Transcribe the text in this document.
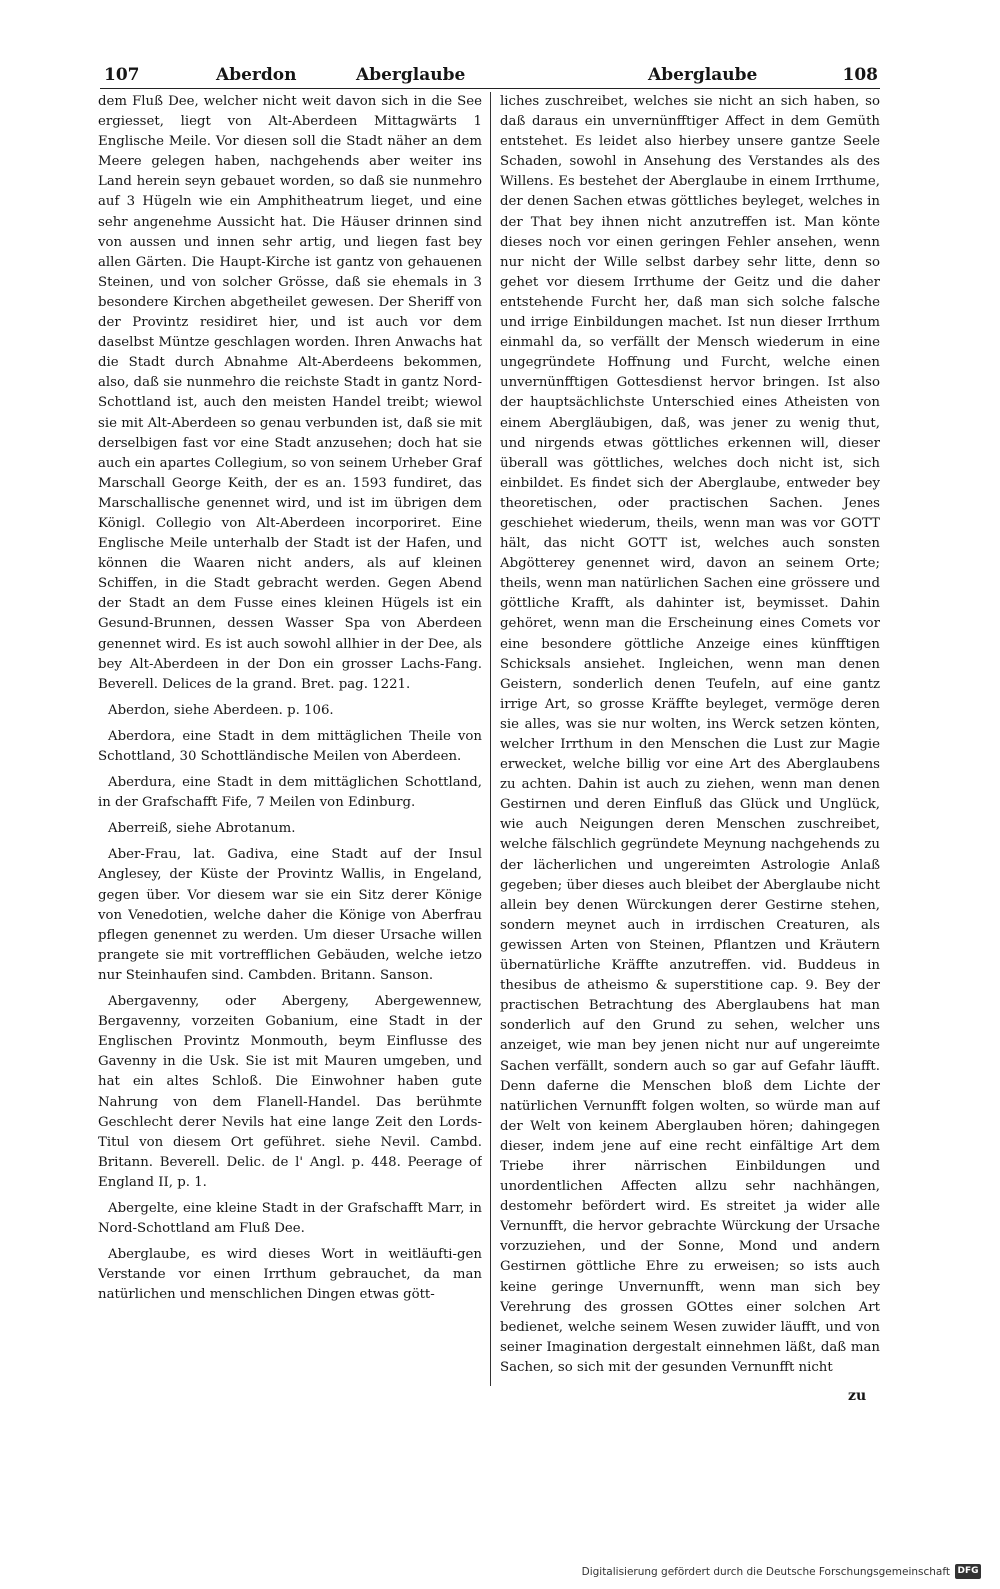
107	Aberdon	Aberglaube	Aberglaube	108

dem Fluß Dee, welcher nicht weit davon sich in die See ergiesset, liegt von Alt-Aberdeen Mittagwärts 1 Englische Meile. Vor diesen soll die Stadt näher an dem Meere gelegen haben, nachgehends aber weiter ins Land herein seyn gebauet worden, so daß sie nunmehro auf 3 Hügeln wie ein Amphitheatrum lieget, und eine sehr angenehme Aussicht hat. Die Häuser drinnen sind von aussen und innen sehr artig, und liegen fast bey allen Gärten. Die Haupt-Kirche ist gantz von gehauenen Steinen, und von solcher Grösse, daß sie ehemals in 3 besondere Kirchen abgetheilet gewesen. Der Sheriff von der Provintz residiret hier, und ist auch vor dem daselbst Müntze geschlagen worden. Ihren Anwachs hat die Stadt durch Abnahme Alt-Aberdeens bekommen, also, daß sie nunmehro die reichste Stadt in gantz Nord-Schottland ist, auch den meisten Handel treibt; wiewol sie mit Alt-Aberdeen so genau verbunden ist, daß sie mit derselbigen fast vor eine Stadt anzusehen; doch hat sie auch ein apartes Collegium, so von seinem Urheber Graf Marschall George Keith, der es an. 1593 fundiret, das Marschallische genennet wird, und ist im übrigen dem Königl. Collegio von Alt-Aberdeen incorporiret. Eine Englische Meile unterhalb der Stadt ist der Hafen, und können die Waaren nicht anders, als auf kleinen Schiffen, in die Stadt gebracht werden. Gegen Abend der Stadt an dem Fusse eines kleinen Hügels ist ein Gesund-Brunnen, dessen Wasser Spa von Aberdeen genennet wird. Es ist auch sowohl allhier in der Dee, als bey Alt-Aberdeen in der Don ein grosser Lachs-Fang. Beverell. Delices de la grand. Bret. pag. 1221.

Aberdon, siehe Aberdeen. p. 106.

Aberdora, eine Stadt in dem mittäglichen Theile von Schottland, 30 Schottländische Meilen von Aberdeen.

Aberdura, eine Stadt in dem mittäglichen Schottland, in der Grafschafft Fife, 7 Meilen von Edinburg.

Aberreiß, siehe Abrotanum.

Aber-Frau, lat. Gadiva, eine Stadt auf der Insul Anglesey, der Küste der Provintz Wallis, in Engeland, gegen über. Vor diesem war sie ein Sitz derer Könige von Venedotien, welche daher die Könige von Aberfrau pflegen genennet zu werden. Um dieser Ursache willen prangete sie mit vortrefflichen Gebäuden, welche ietzo nur Steinhaufen sind. Cambden. Britann. Sanson.

Abergavenny, oder Abergeny, Abergewennew, Bergavenny, vorzeiten Gobanium, eine Stadt in der Englischen Provintz Monmouth, beym Einflusse des Gavenny in die Usk. Sie ist mit Mauren umgeben, und hat ein altes Schloß. Die Einwohner haben gute Nahrung von dem Flanell-Handel. Das berühmte Geschlecht derer Nevils hat eine lange Zeit den Lords-Titul von diesem Ort geführet. siehe Nevil. Cambd. Britann. Beverell. Delic. de l' Angl. p. 448. Peerage of England II, p. 1.

Abergelte, eine kleine Stadt in der Grafschafft Marr, in Nord-Schottland am Fluß Dee.

Aberglaube, es wird dieses Wort in weitläufti-gen Verstande vor einen Irrthum gebrauchet, da man natürlichen und menschlichen Dingen etwas gött-

liches zuschreibet, welches sie nicht an sich haben, so daß daraus ein unvernünfftiger Affect in dem Gemüth entstehet. Es leidet also hierbey unsere gantze Seele Schaden, sowohl in Ansehung des Verstandes als des Willens. Es bestehet der Aberglaube in einem Irrthume, der denen Sachen etwas göttliches beyleget, welches in der That bey ihnen nicht anzutreffen ist. Man könte dieses noch vor einen geringen Fehler ansehen, wenn nur nicht der Wille selbst darbey sehr litte, denn so gehet vor diesem Irrthume der Geitz und die daher entstehende Furcht her, daß man sich solche falsche und irrige Einbildungen machet. Ist nun dieser Irrthum einmahl da, so verfällt der Mensch wiederum in eine ungegründete Hoffnung und Furcht, welche einen unvernünfftigen Gottesdienst hervor bringen. Ist also der hauptsächlichste Unterschied eines Atheisten von einem Abergläubigen, daß, was jener zu wenig thut, und nirgends etwas göttliches erkennen will, dieser überall was göttliches, welches doch nicht ist, sich einbildet. Es findet sich der Aberglaube, entweder bey theoretischen, oder practischen Sachen. Jenes geschiehet wiederum, theils, wenn man was vor GOTT hält, das nicht GOTT ist, welches auch sonsten Abgötterey genennet wird, davon an seinem Orte; theils, wenn man natürlichen Sachen eine grössere und göttliche Krafft, als dahinter ist, beymisset. Dahin gehöret, wenn man die Erscheinung eines Comets vor eine besondere göttliche Anzeige eines künfftigen Schicksals ansiehet. Ingleichen, wenn man denen Geistern, sonderlich denen Teufeln, auf eine gantz irrige Art, so grosse Kräffte beyleget, vermöge deren sie alles, was sie nur wolten, ins Werck setzen könten, welcher Irrthum in den Menschen die Lust zur Magie erwecket, welche billig vor eine Art des Aberglaubens zu achten. Dahin ist auch zu ziehen, wenn man denen Gestirnen und deren Einfluß das Glück und Unglück, wie auch Neigungen deren Menschen zuschreibet, welche fälschlich gegründete Meynung nachgehends zu der lächerlichen und ungereimten Astrologie Anlaß gegeben; über dieses auch bleibet der Aberglaube nicht allein bey denen Würckungen derer Gestirne stehen, sondern meynet auch in irrdischen Creaturen, als gewissen Arten von Steinen, Pflantzen und Kräutern übernatürliche Kräffte anzutreffen. vid. Buddeus in thesibus de atheismo & superstitione cap. 9. Bey der practischen Betrachtung des Aberglaubens hat man sonderlich auf den Grund zu sehen, welcher uns anzeiget, wie man bey jenen nicht nur auf ungereimte Sachen verfällt, sondern auch so gar auf Gefahr läufft. Denn daferne die Menschen bloß dem Lichte der natürlichen Vernunfft folgen wolten, so würde man auf der Welt von keinem Aberglauben hören; dahingegen dieser, indem jene auf eine recht einfältige Art dem Triebe ihrer närrischen Einbildungen und unordentlichen Affecten allzu sehr nachhängen, destomehr befördert wird. Es streitet ja wider alle Vernunfft, die hervor gebrachte Würckung der Ursache vorzuziehen, und der Sonne, Mond und andern Gestirnen göttliche Ehre zu erweisen; so ists auch keine geringe Unvernunfft, wenn man sich bey Verehrung des grossen GOttes einer solchen Art bedienet, welche seinem Wesen zuwider läufft, und von seiner Imagination dergestalt einnehmen läßt, daß man Sachen, so sich mit der gesunden Vernunfft nicht

zu
Digitalisierung gefördert durch die Deutsche Forschungsgemeinschaft DFG
